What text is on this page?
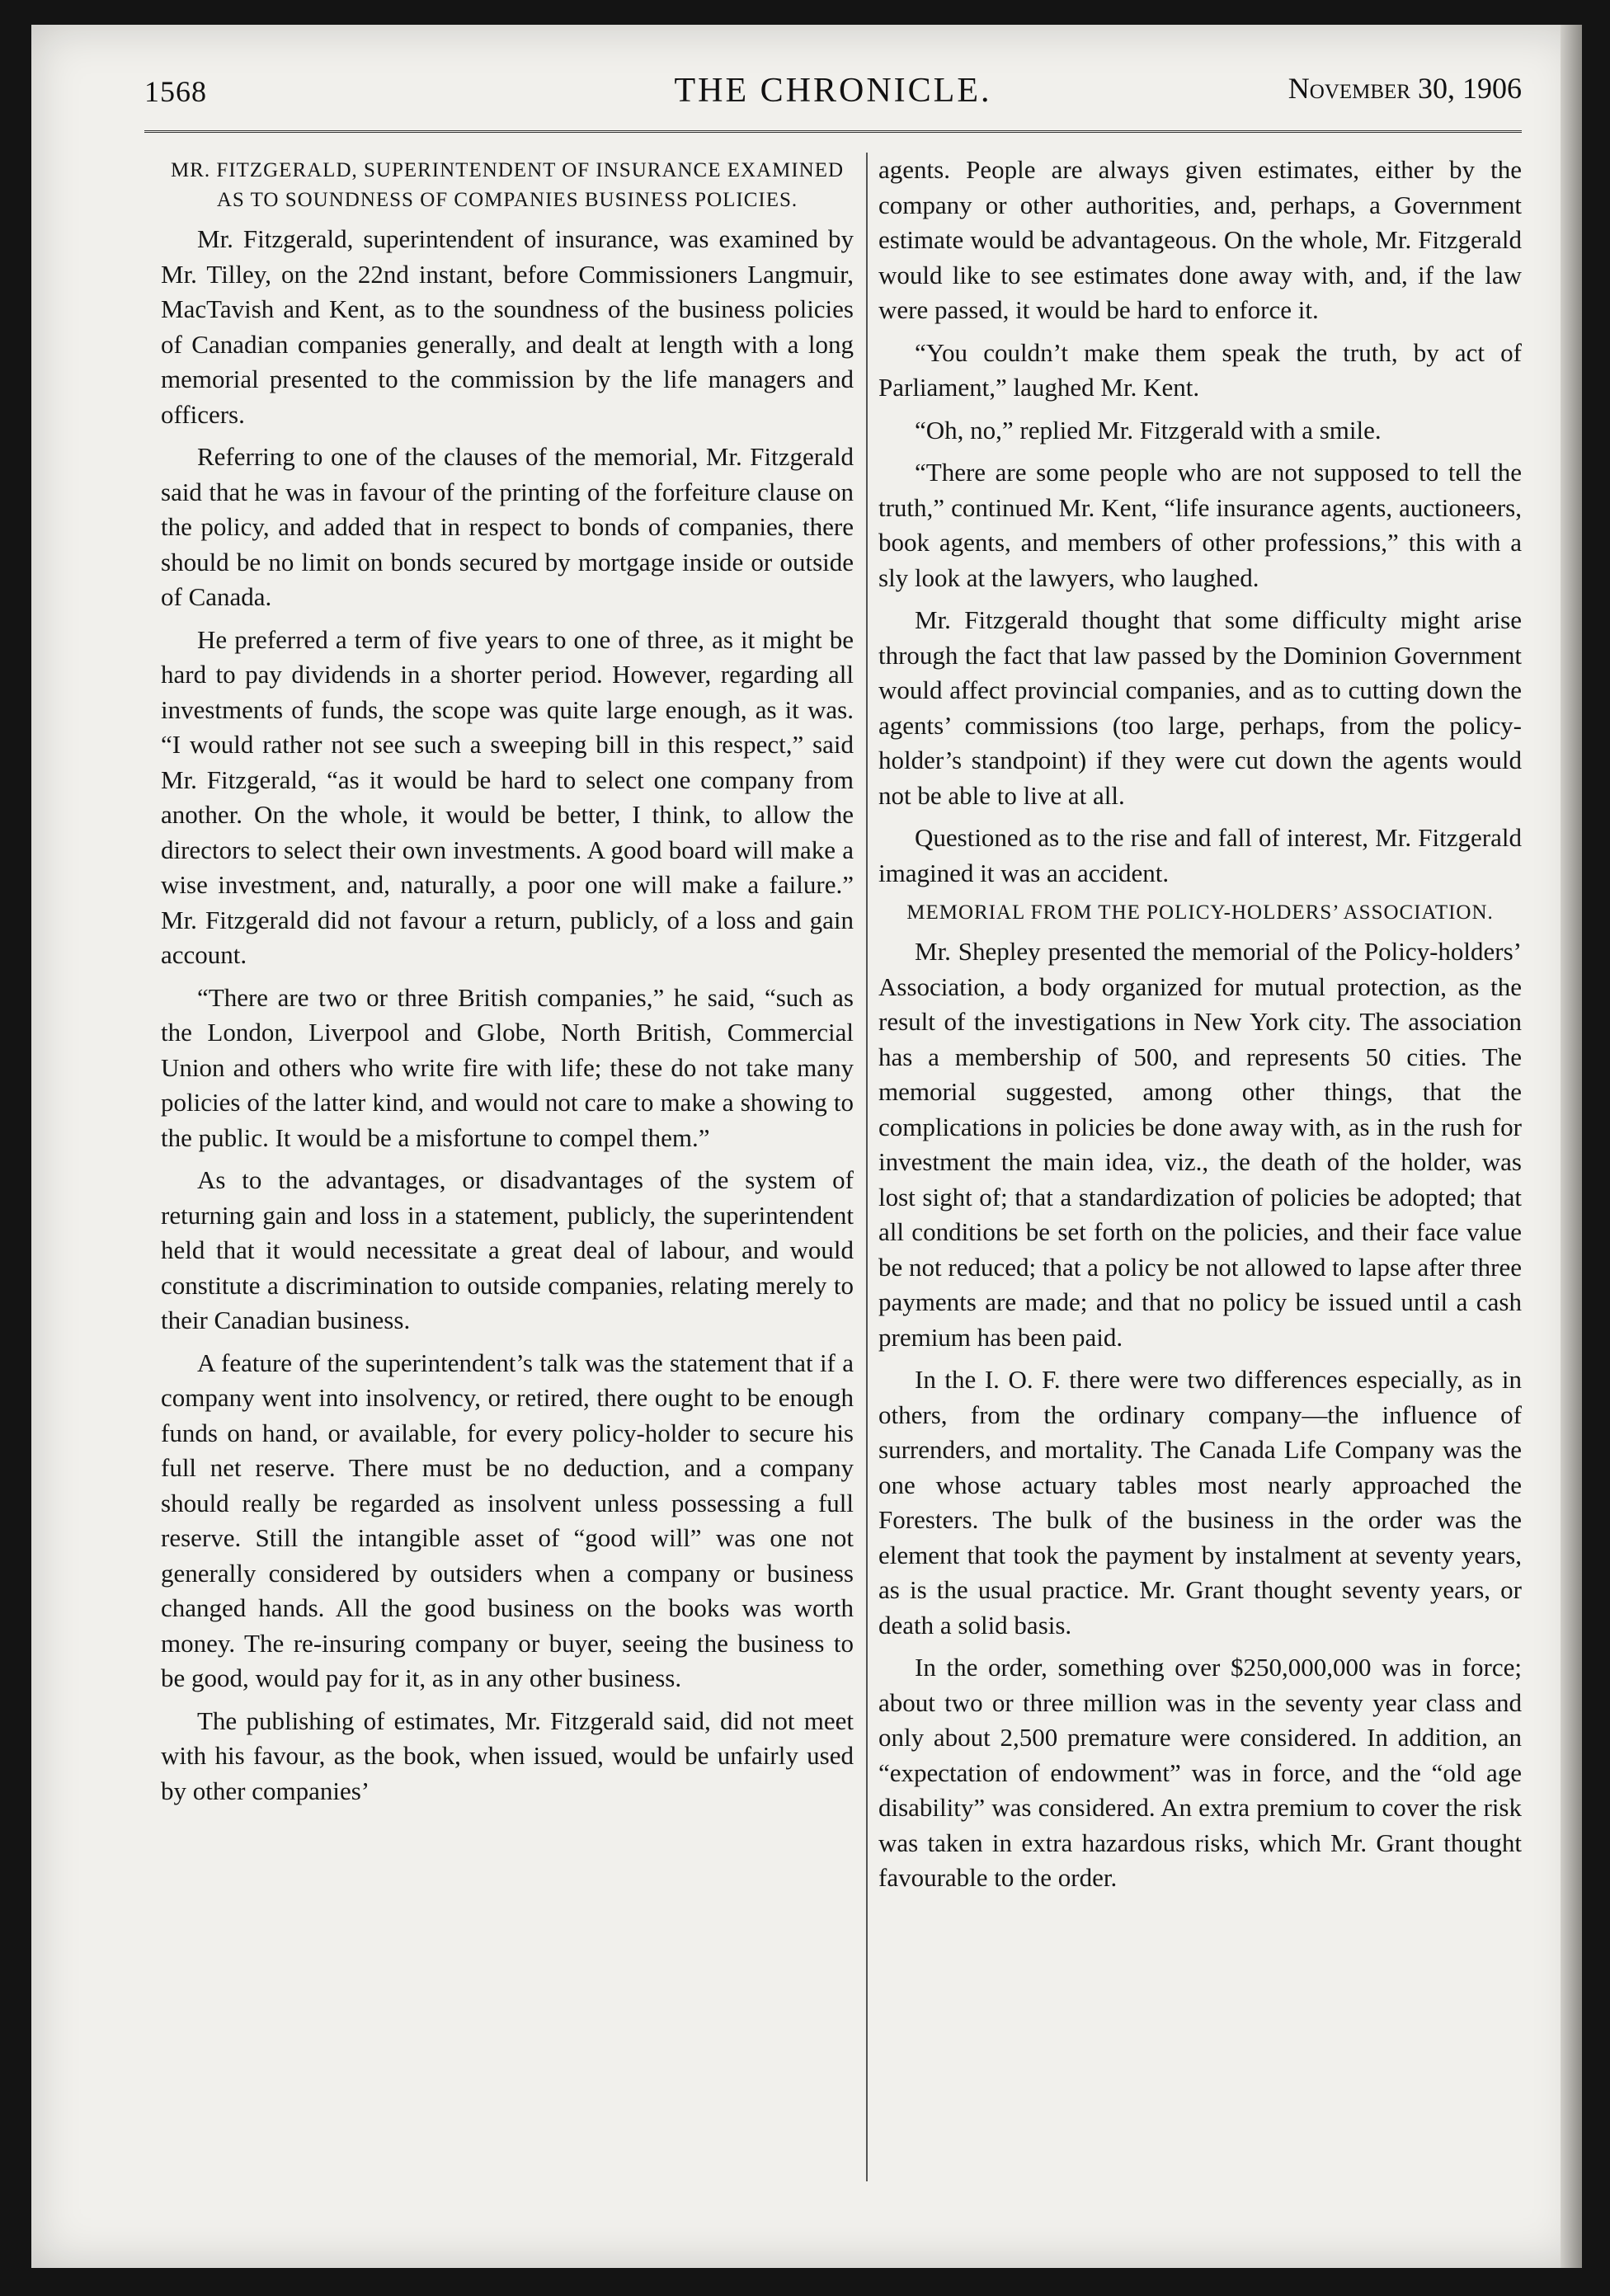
1568	THE CHRONICLE.	November 30, 1906
MR. FITZGERALD, SUPERINTENDENT OF INSURANCE EXAMINED AS TO SOUNDNESS OF COMPANIES BUSINESS POLICIES.

Mr. Fitzgerald, superintendent of insurance, was examined by Mr. Tilley, on the 22nd instant, before Commissioners Langmuir, MacTavish and Kent, as to the soundness of the business policies of Canadian companies generally, and dealt at length with a long memorial presented to the commission by the life managers and officers.

Referring to one of the clauses of the memorial, Mr. Fitzgerald said that he was in favour of the printing of the forfeiture clause on the policy, and added that in respect to bonds of companies, there should be no limit on bonds secured by mortgage inside or outside of Canada.

He preferred a term of five years to one of three, as it might be hard to pay dividends in a shorter period. However, regarding all investments of funds, the scope was quite large enough, as it was. “I would rather not see such a sweeping bill in this respect,” said Mr. Fitzgerald, “as it would be hard to select one company from another. On the whole, it would be better, I think, to allow the directors to select their own investments. A good board will make a wise investment, and, naturally, a poor one will make a failure.” Mr. Fitzgerald did not favour a return, publicly, of a loss and gain account.

“There are two or three British companies,” he said, “such as the London, Liverpool and Globe, North British, Commercial Union and others who write fire with life; these do not take many policies of the latter kind, and would not care to make a showing to the public. It would be a misfortune to compel them.”

As to the advantages, or disadvantages of the system of returning gain and loss in a statement, publicly, the superintendent held that it would necessitate a great deal of labour, and would constitute a discrimination to outside companies, relating merely to their Canadian business.

A feature of the superintendent’s talk was the statement that if a company went into insolvency, or retired, there ought to be enough funds on hand, or available, for every policy-holder to secure his full net reserve. There must be no deduction, and a company should really be regarded as insolvent unless possessing a full reserve. Still the intangible asset of “good will” was one not generally considered by outsiders when a company or business changed hands. All the good business on the books was worth money. The re-insuring company or buyer, seeing the business to be good, would pay for it, as in any other business.

The publishing of estimates, Mr. Fitzgerald said, did not meet with his favour, as the book, when issued, would be unfairly used by other companies’

agents. People are always given estimates, either by the company or other authorities, and, perhaps, a Government estimate would be advantageous. On the whole, Mr. Fitzgerald would like to see estimates done away with, and, if the law were passed, it would be hard to enforce it.

“You couldn’t make them speak the truth, by act of Parliament,” laughed Mr. Kent.

“Oh, no,” replied Mr. Fitzgerald with a smile.

“There are some people who are not supposed to tell the truth,” continued Mr. Kent, “life insurance agents, auctioneers, book agents, and members of other professions,” this with a sly look at the lawyers, who laughed.

Mr. Fitzgerald thought that some difficulty might arise through the fact that law passed by the Dominion Government would affect provincial companies, and as to cutting down the agents’ commissions (too large, perhaps, from the policy-holder’s standpoint) if they were cut down the agents would not be able to live at all.

Questioned as to the rise and fall of interest, Mr. Fitzgerald imagined it was an accident.

MEMORIAL FROM THE POLICY-HOLDERS’ ASSOCIATION.

Mr. Shepley presented the memorial of the Policy-holders’ Association, a body organized for mutual protection, as the result of the investigations in New York city. The association has a membership of 500, and represents 50 cities. The memorial suggested, among other things, that the complications in policies be done away with, as in the rush for investment the main idea, viz., the death of the holder, was lost sight of; that a standardization of policies be adopted; that all conditions be set forth on the policies, and their face value be not reduced; that a policy be not allowed to lapse after three payments are made; and that no policy be issued until a cash premium has been paid.

In the I. O. F. there were two differences especially, as in others, from the ordinary company—the influence of surrenders, and mortality. The Canada Life Company was the one whose actuary tables most nearly approached the Foresters. The bulk of the business in the order was the element that took the payment by instalment at seventy years, as is the usual practice. Mr. Grant thought seventy years, or death a solid basis.

In the order, something over $250,000,000 was in force; about two or three million was in the seventy year class and only about 2,500 premature were considered. In addition, an “expectation of endowment” was in force, and the “old age disability” was considered. An extra premium to cover the risk was taken in extra hazardous risks, which Mr. Grant thought favourable to the order.
